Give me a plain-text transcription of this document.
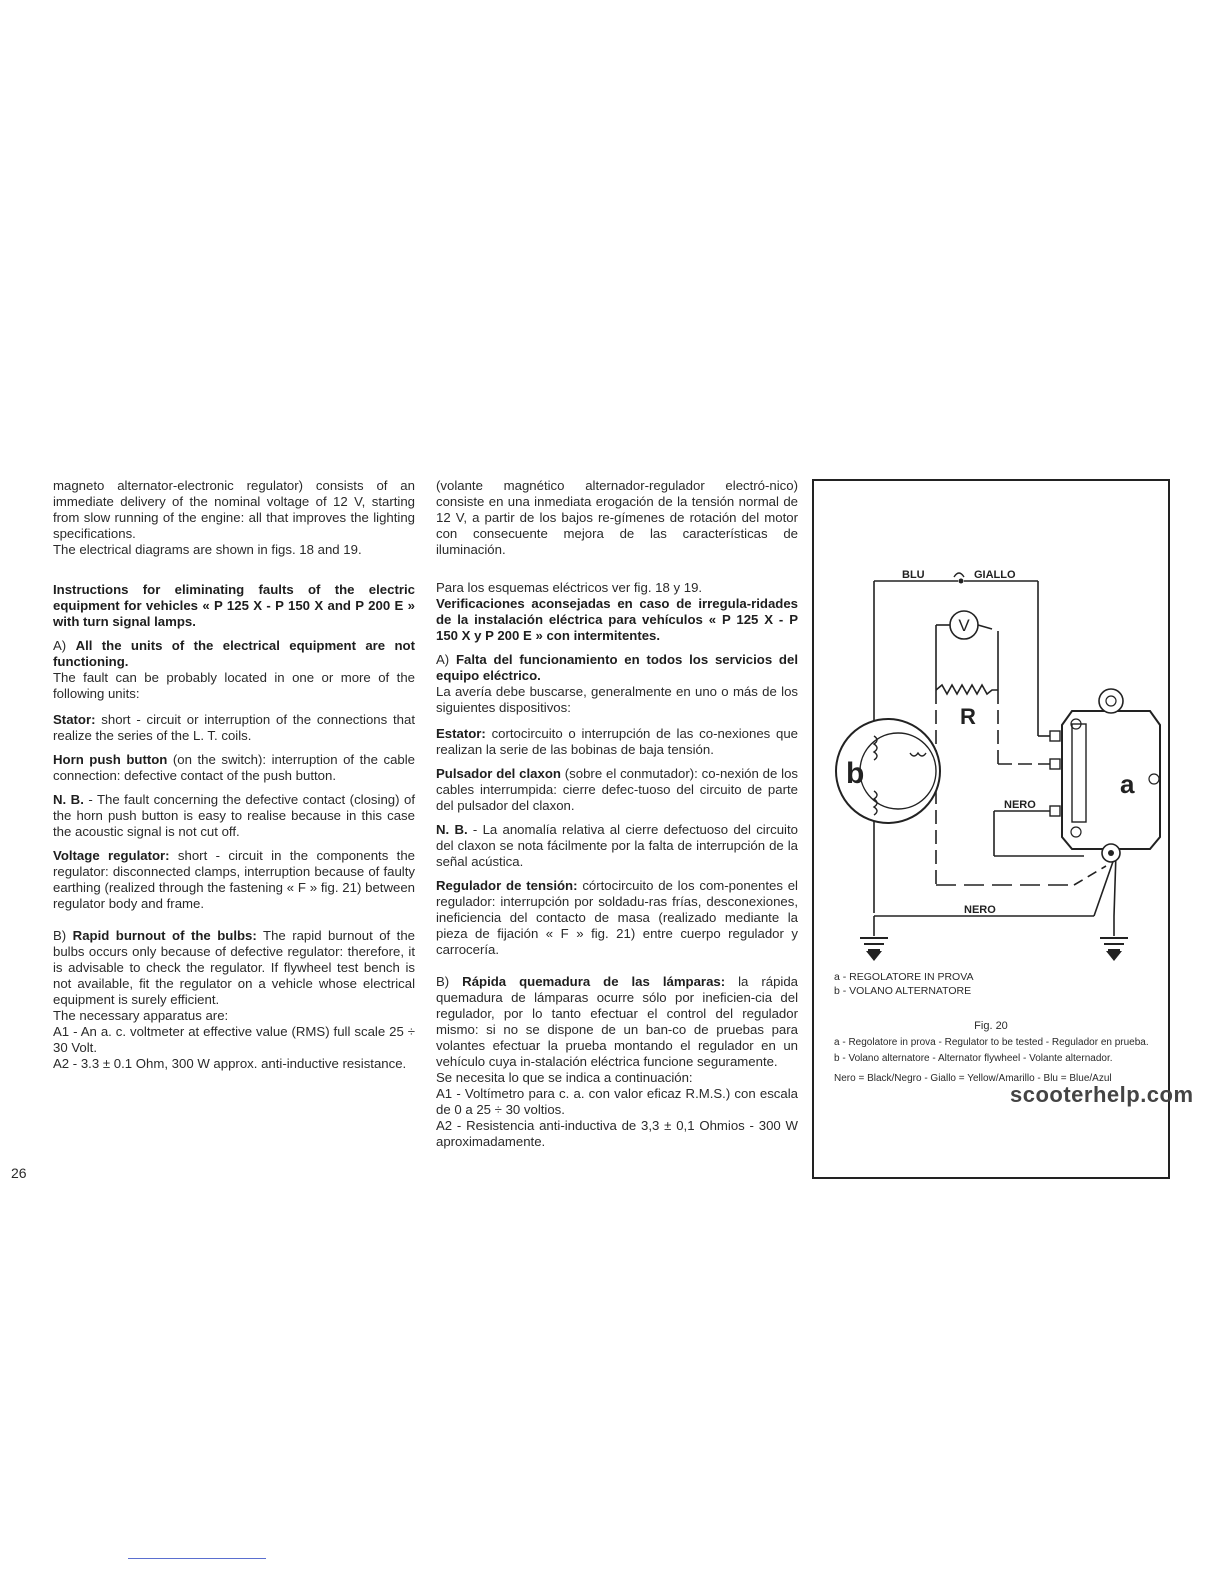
magneto alternator-electronic regulator) consists of an immediate delivery of the nominal voltage of 12 V, starting from slow running of the engine: all that improves the lighting specifications.
The electrical diagrams are shown in figs. 18 and 19.

Instructions for eliminating faults of the electric equipment for vehicles « P 125 X - P 150 X and P 200 E » with turn signal lamps.

A) All the units of the electrical equipment are not functioning.
The fault can be probably located in one or more of the following units:

Stator: short - circuit or interruption of the connections that realize the series of the L. T. coils.

Horn push button (on the switch): interruption of the cable connection: defective contact of the push button.

N. B. - The fault concerning the defective contact (closing) of the horn push button is easy to realise because in this case the acoustic signal is not cut off.

Voltage regulator: short - circuit in the components the regulator: disconnected clamps, interruption because of faulty earthing (realized through the fastening « F » fig. 21) between regulator body and frame.

B) Rapid burnout of the bulbs: The rapid burnout of the bulbs occurs only because of defective regulator: therefore, it is advisable to check the regulator. If flywheel test bench is not available, fit the regulator on a vehicle whose electrical equipment is surely efficient.

The necessary apparatus are:

A1 - An a. c. voltmeter at effective value (RMS) full scale 25 ÷ 30 Volt.

A2 - 3.3 ± 0.1 Ohm, 300 W approx. anti-inductive resistance.

(volante magnético alternador-regulador electró-nico) consiste en una inmediata erogación de la tensión normal de 12 V, a partir de los bajos re-gímenes de rotación del motor con consecuente mejora de las características de iluminación.

Para los esquemas eléctricos ver fig. 18 y 19.

Verificaciones aconsejadas en caso de irregula-ridades de la instalación eléctrica para vehículos « P 125 X - P 150 X y P 200 E » con intermitentes.

A) Falta del funcionamiento en todos los servicios del equipo eléctrico.
La avería debe buscarse, generalmente en uno o más de los siguientes dispositivos:

Estator: cortocircuito o interrupción de las co-nexiones que realizan la serie de las bobinas de baja tensión.

Pulsador del claxon (sobre el conmutador): co-nexión de los cables interrumpida: cierre defec-tuoso del circuito de parte del pulsador del claxon.

N. B. - La anomalía relativa al cierre defectuoso del circuito del claxon se nota fácilmente por la falta de interrupción de la señal acústica.

Regulador de tensión: córtocircuito de los com-ponentes el regulador: interrupción por soldadu-ras frías, desconexiones, ineficiencia del contacto de masa (realizado mediante la pieza de fijación « F » fig. 21) entre cuerpo regulador y carrocería.

B) Rápida quemadura de las lámparas: la rápida quemadura de lámparas ocurre sólo por ineficien-cia del regulador, por lo tanto efectuar el control del regulador mismo: si no se dispone de un ban-co de pruebas para volantes efectuar la prueba montando el regulador en un vehículo cuya in-stalación eléctrica funcione seguramente.

Se necesita lo que se indica a continuación:

A1 - Voltímetro para c. a. con valor eficaz R.M.S.) con escala de 0 a 25 ÷ 30 voltios.

A2 - Resistencia anti-inductiva de 3,3 ± 0,1 Ohmios - 300 W aproximadamente.

26
V
BLU	GIALLO
R
b	a
NERO
NERO
a - REGOLATORE IN PROVA
b - VOLANO ALTERNATORE
Fig. 20

a - Regolatore in prova - Regulator to be tested - Regulador en prueba.

b - Volano alternatore - Alternator flywheel - Volante alternador.

Nero = Black/Negro - Giallo = Yellow/Amarillo - Blu = Blue/Azul

scooterhelp.com
